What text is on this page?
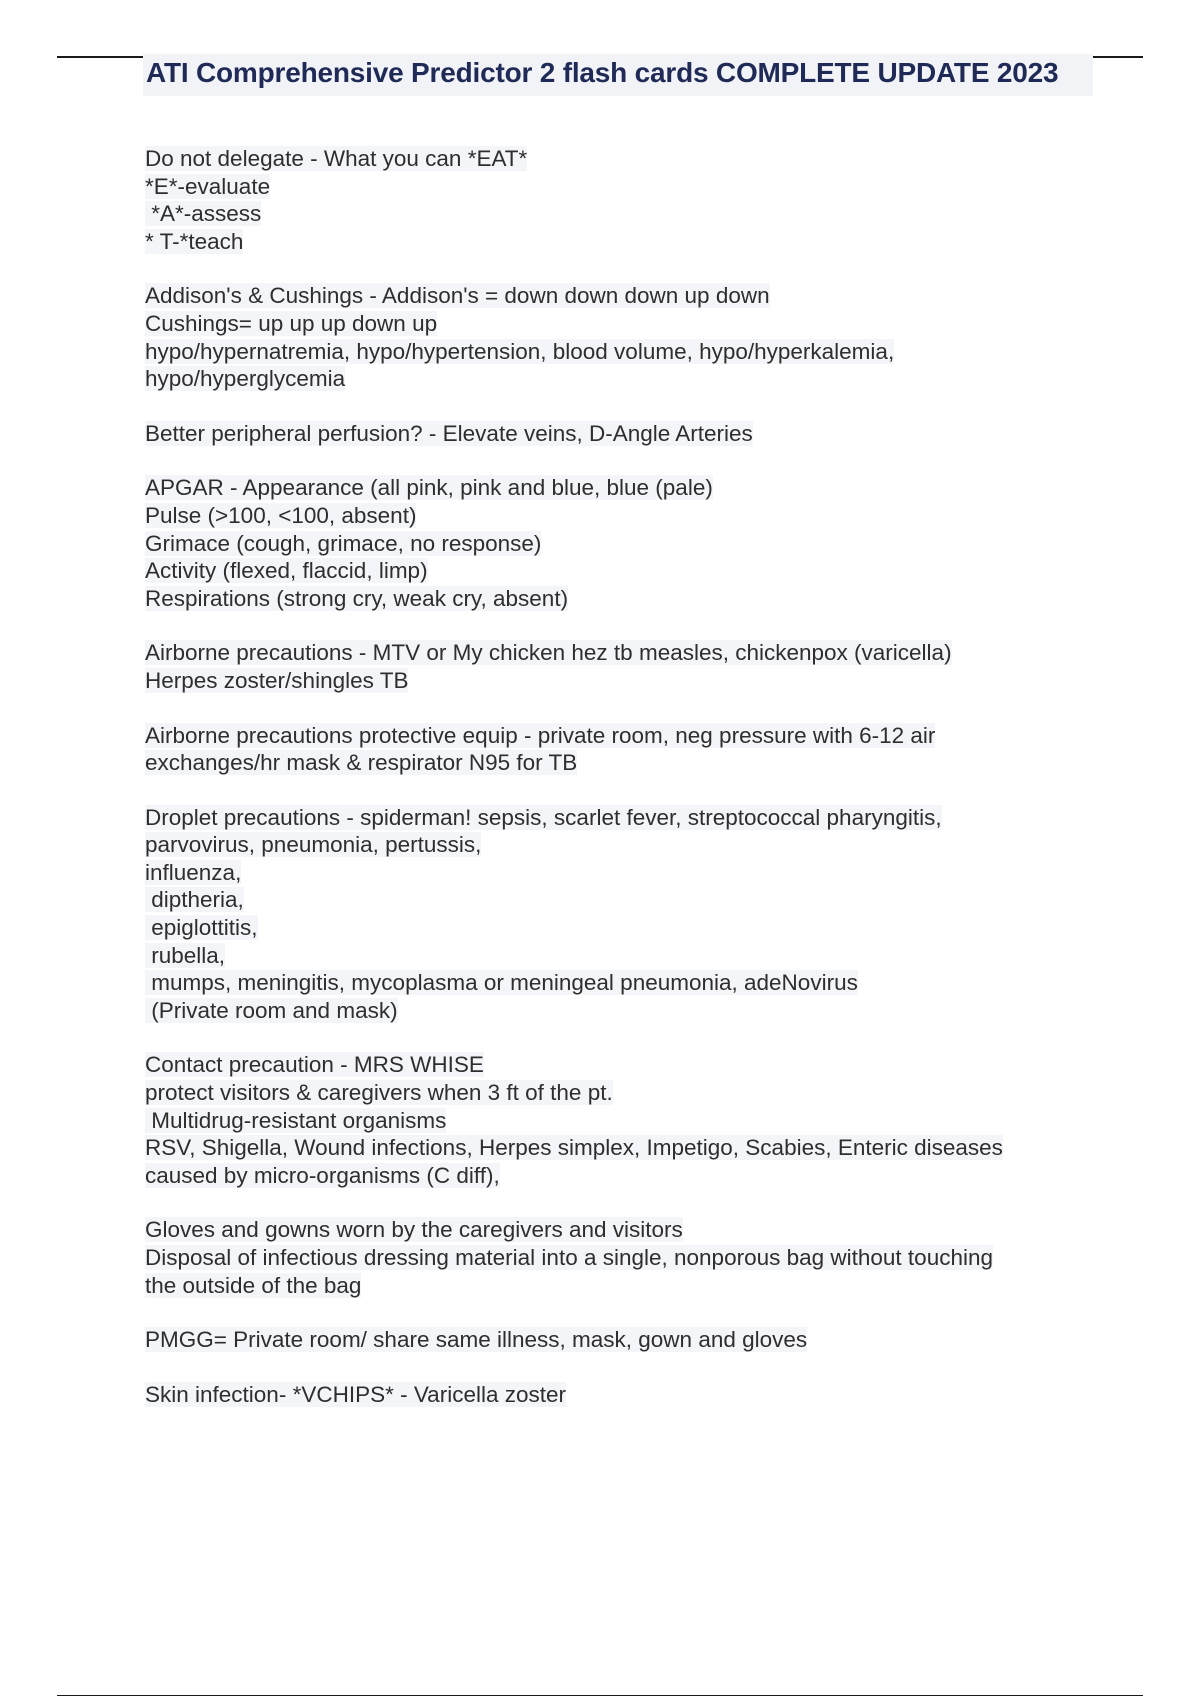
ATI Comprehensive Predictor 2 flash cards COMPLETE UPDATE 2023
Do not delegate - What you can *EAT*
*E*-evaluate
*A*-assess
* T-*teach
Addison's & Cushings - Addison's = down down down up down
Cushings= up up up down up
hypo/hypernatremia, hypo/hypertension, blood volume, hypo/hyperkalemia,
hypo/hyperglycemia
Better peripheral perfusion? - Elevate veins, D-Angle Arteries
APGAR - Appearance (all pink, pink and blue, blue (pale)
Pulse (>100, <100, absent)
Grimace (cough, grimace, no response)
Activity (flexed, flaccid, limp)
Respirations (strong cry, weak cry, absent)
Airborne precautions - MTV or My chicken hez tb measles, chickenpox (varicella)
Herpes zoster/shingles TB
Airborne precautions protective equip - private room, neg pressure with 6-12 air
exchanges/hr mask & respirator N95 for TB
Droplet precautions - spiderman! sepsis, scarlet fever, streptococcal pharyngitis,
parvovirus, pneumonia, pertussis,
influenza,
diptheria,
epiglottitis,
rubella,
mumps, meningitis, mycoplasma or meningeal pneumonia, adeNovirus
(Private room and mask)
Contact precaution - MRS WHISE
protect visitors & caregivers when 3 ft of the pt.
Multidrug-resistant organisms
RSV, Shigella, Wound infections, Herpes simplex, Impetigo, Scabies, Enteric diseases
caused by micro-organisms (C diff),
Gloves and gowns worn by the caregivers and visitors
Disposal of infectious dressing material into a single, nonporous bag without touching
the outside of the bag
PMGG= Private room/ share same illness, mask, gown and gloves
Skin infection- *VCHIPS* - Varicella zoster
